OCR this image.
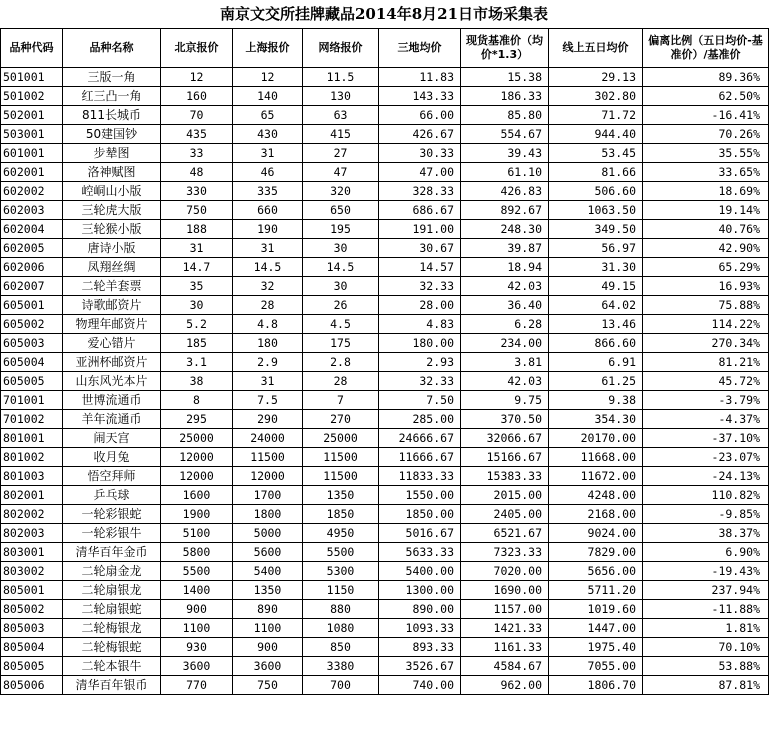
南京文交所挂牌藏品2014年8月21日市场采集表
品种代码	品种名称	北京报价	上海报价	网络报价	三地均价	现货基准价（均价*1.3）	线上五日均价	偏离比例（五日均价-基准价）/基准价
501001	三版一角	12	12	11.5	11.83	15.38	29.13	89.36%
501002	红三凸一角	160	140	130	143.33	186.33	302.80	62.50%
502001	811长城币	70	65	63	66.00	85.80	71.72	-16.41%
503001	50建国钞	435	430	415	426.67	554.67	944.40	70.26%
601001	步辇图	33	31	27	30.33	39.43	53.45	35.55%
602001	洛神赋图	48	46	47	47.00	61.10	81.66	33.65%
602002	崆峒山小版	330	335	320	328.33	426.83	506.60	18.69%
602003	三轮虎大版	750	660	650	686.67	892.67	1063.50	19.14%
602004	三轮猴小版	188	190	195	191.00	248.30	349.50	40.76%
602005	唐诗小版	31	31	30	30.67	39.87	56.97	42.90%
602006	凤翔丝绸	14.7	14.5	14.5	14.57	18.94	31.30	65.29%
602007	二轮羊套票	35	32	30	32.33	42.03	49.15	16.93%
605001	诗歌邮资片	30	28	26	28.00	36.40	64.02	75.88%
605002	物理年邮资片	5.2	4.8	4.5	4.83	6.28	13.46	114.22%
605003	爱心错片	185	180	175	180.00	234.00	866.60	270.34%
605004	亚洲杯邮资片	3.1	2.9	2.8	2.93	3.81	6.91	81.21%
605005	山东风光本片	38	31	28	32.33	42.03	61.25	45.72%
701001	世博流通币	8	7.5	7	7.50	9.75	9.38	-3.79%
701002	羊年流通币	295	290	270	285.00	370.50	354.30	-4.37%
801001	闹天宫	25000	24000	25000	24666.67	32066.67	20170.00	-37.10%
801002	收月兔	12000	11500	11500	11666.67	15166.67	11668.00	-23.07%
801003	悟空拜师	12000	12000	11500	11833.33	15383.33	11672.00	-24.13%
802001	乒乓球	1600	1700	1350	1550.00	2015.00	4248.00	110.82%
802002	一轮彩银蛇	1900	1800	1850	1850.00	2405.00	2168.00	-9.85%
802003	一轮彩银牛	5100	5000	4950	5016.67	6521.67	9024.00	38.37%
803001	清华百年金币	5800	5600	5500	5633.33	7323.33	7829.00	6.90%
803002	二轮扇金龙	5500	5400	5300	5400.00	7020.00	5656.00	-19.43%
805001	二轮扇银龙	1400	1350	1150	1300.00	1690.00	5711.20	237.94%
805002	二轮扇银蛇	900	890	880	890.00	1157.00	1019.60	-11.88%
805003	二轮梅银龙	1100	1100	1080	1093.33	1421.33	1447.00	1.81%
805004	二轮梅银蛇	930	900	850	893.33	1161.33	1975.40	70.10%
805005	二轮本银牛	3600	3600	3380	3526.67	4584.67	7055.00	53.88%
805006	清华百年银币	770	750	700	740.00	962.00	1806.70	87.81%
